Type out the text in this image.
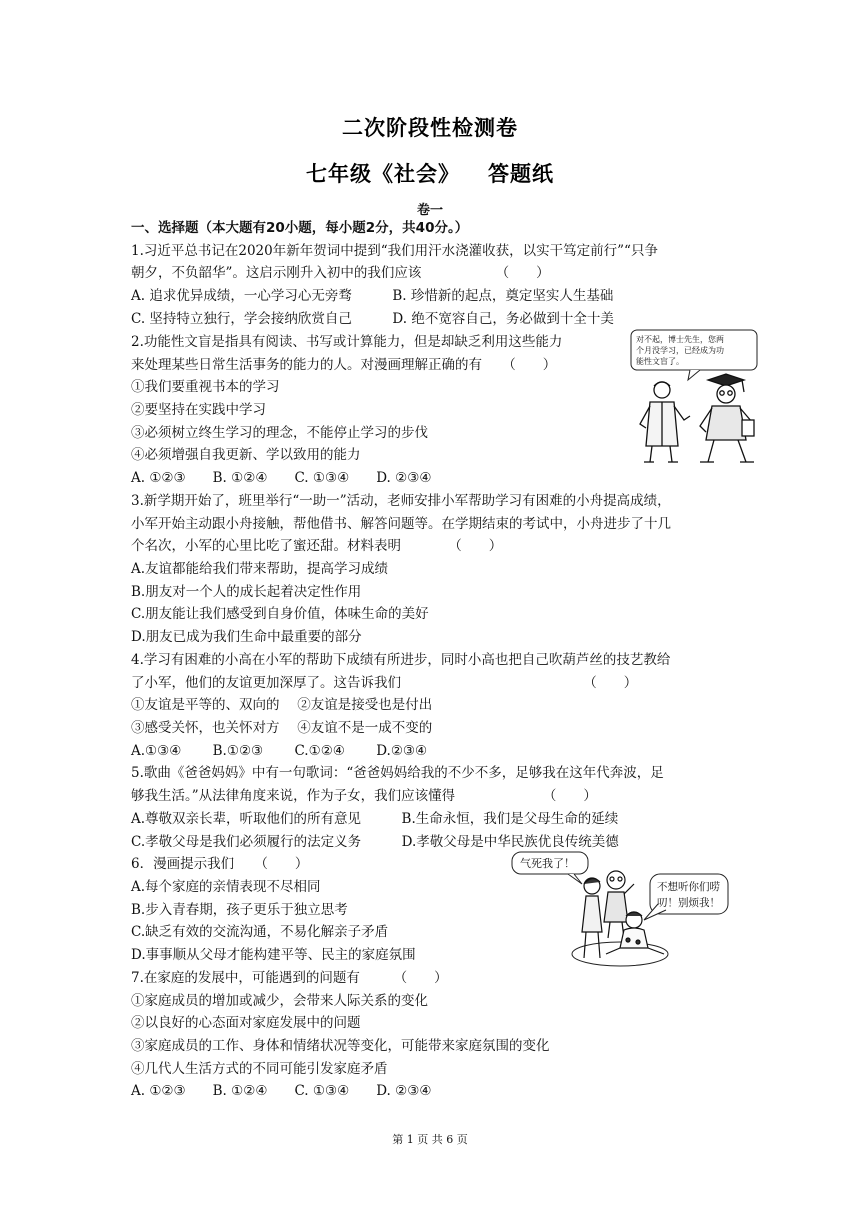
二次阶段性检测卷
七年级《社会》 答题纸
卷一
一、选择题（本大题有20小题，每小题2分，共40分。）
1.习近平总书记在2020年新年贺词中提到“我们用汗水浇灌收获，以实干笃定前行”“只争
朝夕，不负韶华”。这启示刚升入初中的我们应该　　　　　　（　　）
A. 追求优异成绩，一心学习心无旁骛　　　B. 珍惜新的起点，奠定坚实人生基础
C. 坚持特立独行，学会接纳欣赏自己　　　D. 绝不宽容自己，务必做到十全十美
2.功能性文盲是指具有阅读、书写或计算能力，但是却缺乏利用这些能力
来处理某些日常生活事务的能力的人。对漫画理解正确的有　　（　　）
①我们要重视书本的学习
②要坚持在实践中学习
③必须树立终生学习的理念，不能停止学习的步伐
④必须增强自我更新、学以致用的能力
A. ①②③　　B. ①②④　　C. ①③④　　D. ②③④
3.新学期开始了，班里举行“一助一”活动，老师安排小军帮助学习有困难的小舟提高成绩，
小军开始主动跟小舟接触，帮他借书、解答问题等。在学期结束的考试中，小舟进步了十几
个名次，小军的心里比吃了蜜还甜。材料表明　　　　（　　）
A.友谊都能给我们带来帮助，提高学习成绩
B.朋友对一个人的成长起着决定性作用
C.朋友能让我们感受到自身价值，体味生命的美好
D.朋友已成为我们生命中最重要的部分
4.学习有困难的小高在小军的帮助下成绩有所进步，同时小高也把自己吹葫芦丝的技艺教给
了小军，他们的友谊更加深厚了。这告诉我们　　　　　　　　　　　　　　（　　）
①友谊是平等的、双向的　 ②友谊是接受也是付出
③感受关怀，也关怀对方　 ④友谊不是一成不变的
A.①③④　　 B.①②③　　 C.①②④　　 D.②③④
5.歌曲《爸爸妈妈》中有一句歌词：“爸爸妈妈给我的不少不多，足够我在这年代奔波，足
够我生活。”从法律角度来说，作为子女，我们应该懂得　　　　　　　（　　）
A.尊敬双亲长辈，听取他们的所有意见　　　B.生命永恒，我们是父母生命的延续
C.孝敬父母是我们必须履行的法定义务　　　D.孝敬父母是中华民族优良传统美德
6．漫画提示我们　　（　　）
A.每个家庭的亲情表现不尽相同
B.步入青春期，孩子更乐于独立思考
C.缺乏有效的交流沟通，不易化解亲子矛盾
D.事事顺从父母才能构建平等、民主的家庭氛围
7.在家庭的发展中，可能遇到的问题有　　　（　　）
①家庭成员的增加或减少，会带来人际关系的变化
②以良好的心态面对家庭发展中的问题
③家庭成员的工作、身体和情绪状况等变化，可能带来家庭氛围的变化
④几代人生活方式的不同可能引发家庭矛盾
A. ①②③　　B. ①②④　　C. ①③④　　D. ②③④
对不起，博士先生，您两
个月没学习，已经成为功
能性文盲了。
气死我了！
不想听你们唠
叨！别烦我！
第 1 页 共 6 页
